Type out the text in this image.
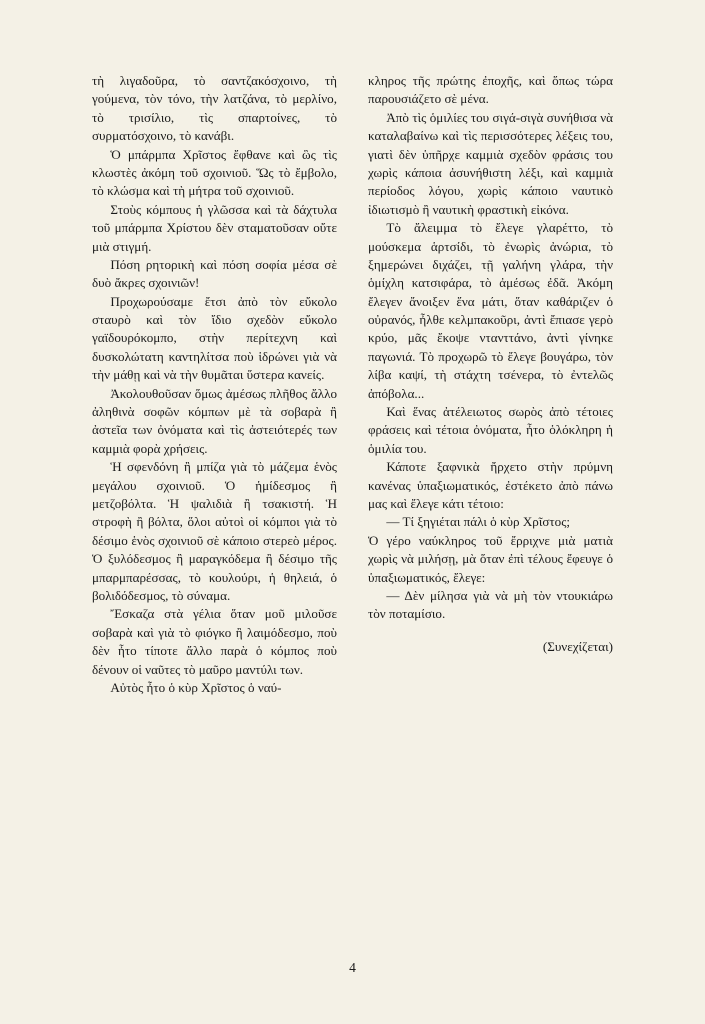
τὴ λιγαδοῦρα, τὸ σαντζακόσχοινο, τὴ γούμενα, τὸν τόνο, τὴν λατζάνα, τὸ μερλίνο, τὸ τρισίλιο, τὶς σπαρτοίνες, τὸ συρματόσχοινο, τὸ κανάβι.

Ὁ μπάρμπα Χρῖστος ἔφθανε καὶ ὣς τὶς κλωστὲς ἀκόμη τοῦ σχοινιοῦ. Ὥς τὸ ἔμβολο, τὸ κλώσμα καὶ τὴ μήτρα τοῦ σχοινιοῦ.

Στοὺς κόμπους ἡ γλῶσσα καὶ τὰ δάχτυλα τοῦ μπάρμπα Χρίστου δὲν σταματοῦσαν οὔτε μιὰ στιγμή.

Πόση ρητορικὴ καὶ πόση σοφία μέσα σὲ δυὸ ἄκρες σχοινιῶν!

Προχωρούσαμε ἔτσι ἀπὸ τὸν εὔκολο σταυρὸ καὶ τὸν ἴδιο σχεδὸν εὔκολο γαϊδουρόκομπο, στὴν περίτεχνη καὶ δυσκολώτατη καντηλίτσα ποὺ ἱδρώνει γιὰ νὰ τὴν μάθῃ καὶ νὰ τὴν θυμᾶται ὕστερα κανείς.

Ἀκολουθοῦσαν ὅμως ἀμέσως πλῆθος ἄλλο ἀληθινὰ σοφῶν κόμπων μὲ τὰ σοβαρὰ ἢ ἀστεῖα των ὀνόματα καὶ τὶς ἀστειότερές των καμμιὰ φορὰ χρήσεις.

Ἡ σφενδόνη ἢ μπίζα γιὰ τὸ μάζεμα ἑνὸς μεγάλου σχοινιοῦ. Ὁ ἡμίδεσμος ἢ μετζοβόλτα. Ἡ ψαλιδιὰ ἢ τσακιστή. Ἡ στροφὴ ἢ βόλτα, ὅλοι αὐτοὶ οἱ κόμποι γιὰ τὸ δέσιμο ἑνὸς σχοινιοῦ σὲ κάποιο στερεὸ μέρος. Ὁ ξυλόδεσμος ἢ μαραγκόδεμα ἢ δέσιμο τῆς μπαρμπαρέσσας, τὸ κουλούρι, ἡ θηλειά, ὁ βολιδόδεσμος, τὸ σύναμα.

Ἔσκαζα στὰ γέλια ὅταν μοῦ μιλοῦσε σοβαρὰ καὶ γιὰ τὸ φιόγκο ἢ λαιμόδεσμο, ποὺ δὲν ἦτο τίποτε ἄλλο παρὰ ὁ κόμπος ποὺ δένουν οἱ ναῦτες τὸ μαῦρο μαντύλι των.

Αὐτὸς ἦτο ὁ κὺρ Χρῖστος ὁ ναύ-

κληρος τῆς πρώτης ἐποχῆς, καὶ ὅπως τώρα παρουσιάζετο σὲ μένα.

Ἀπὸ τὶς ὁμιλίες του σιγά-σιγὰ συνήθισα νὰ καταλαβαίνω καὶ τὶς περισσότερες λέξεις του, γιατὶ δὲν ὑπῆρχε καμμιὰ σχεδὸν φράσις του χωρὶς κάποια ἀσυνήθιστη λέξι, καὶ καμμιὰ περίοδος λόγου, χωρὶς κάποιο ναυτικὸ ἰδιωτισμὸ ἢ ναυτικὴ φραστικὴ εἰκόνα.

Τὸ ἄλειμμα τὸ ἔλεγε γλαρέττο, τὸ μούσκεμα ἁρτσίδι, τὸ ἐνωρὶς ἀνώρια, τὸ ξημερώνει διχάζει, τῇ γαλήνη γλάρα, τὴν ὁμίχλη κατσιφάρα, τὸ ἀμέσως ἐδᾶ. Ἀκόμη ἔλεγεν ἄνοιξεν ἕνα μάτι, ὅταν καθάριζεν ὁ οὐρανός, ἦλθε κελμπακοῦρι, ἀντὶ ἔπιασε γερὸ κρύο, μᾶς ἔκοψε ντανττάνο, ἀντὶ γίνηκε παγωνιά. Τὸ προχωρῶ τὸ ἔλεγε βουγάρω, τὸν λίβα καψί, τὴ στάχτη τσένερα, τὸ ἐντελῶς ἀπόβολα...

Καὶ ἕνας ἀτέλειωτος σωρὸς ἀπὸ τέτοιες φράσεις καὶ τέτοια ὀνόματα, ἦτο ὁλόκληρη ἡ ὁμιλία του.

Κάποτε ξαφνικὰ ἤρχετο στὴν πρύμνη κανένας ὑπαξιωματικός, ἐστέκετο ἀπὸ πάνω μας καὶ ἔλεγε κάτι τέτοιο:

— Τί ξηγιέται πάλι ὁ κὺρ Χρῖστος;

Ὁ γέρο ναύκληρος τοῦ ἔρριχνε μιὰ ματιὰ χωρὶς νὰ μιλήσῃ, μὰ ὅταν ἐπὶ τέλους ἔφευγε ὁ ὑπαξιωματικός, ἔλεγε:

— Δὲν μίλησα γιὰ νὰ μὴ τὸν ντουκιάρω τὸν ποταμίσιο.

(Συνεχίζεται)

4
